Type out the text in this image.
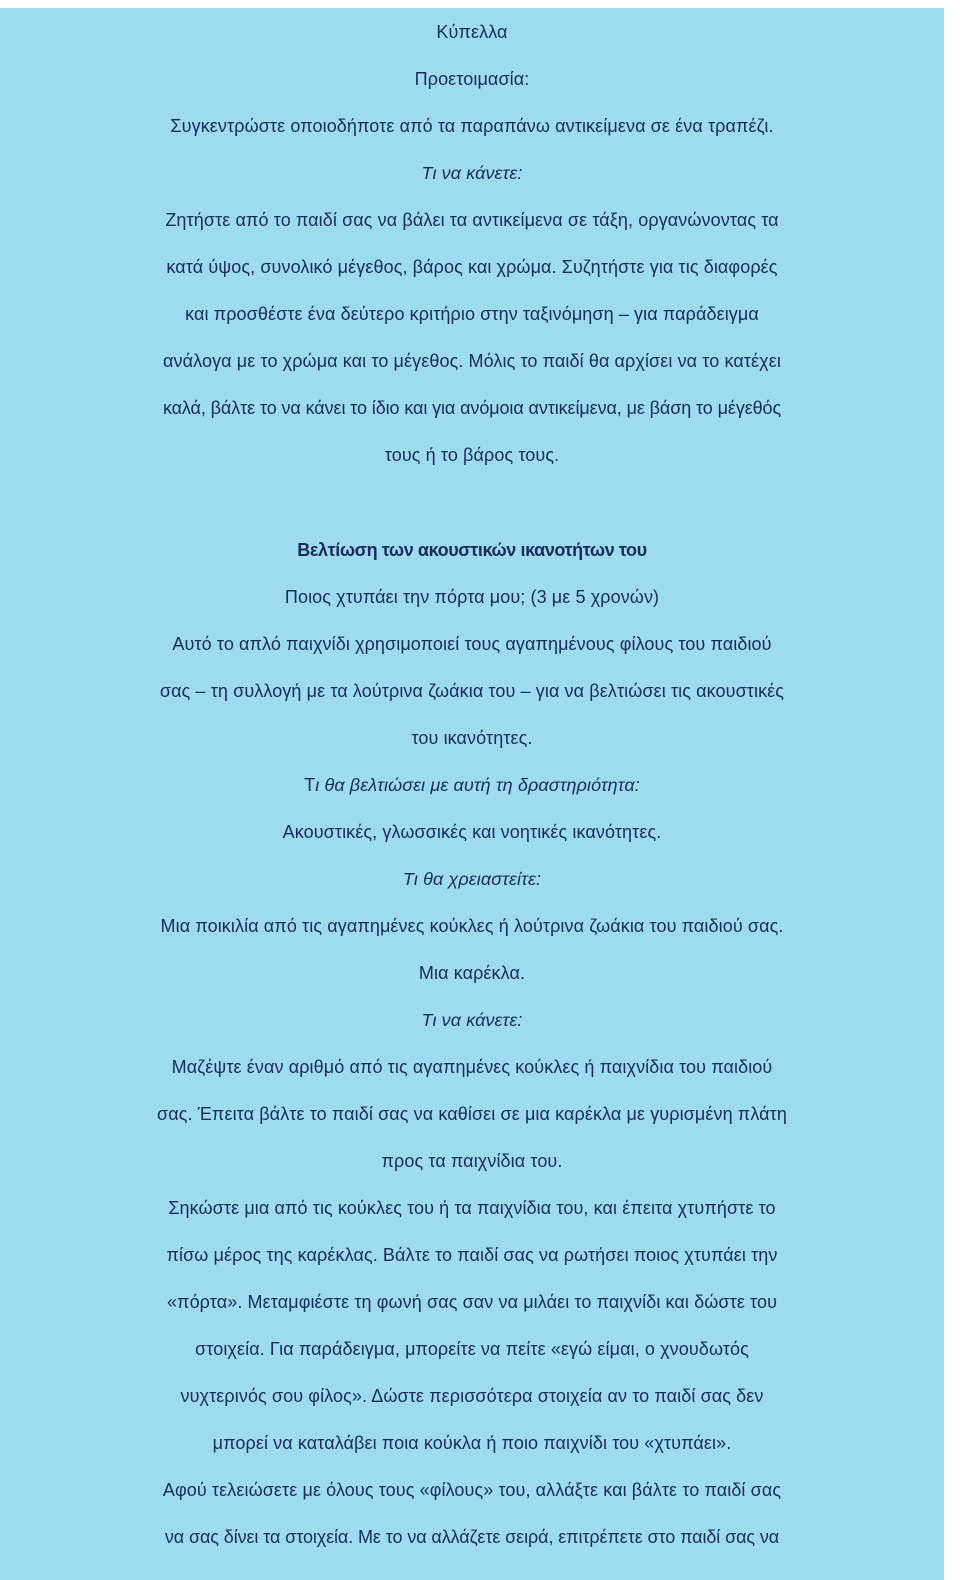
Κύπελλα
Προετοιμασία:
Συγκεντρώστε οποιοδήποτε από τα παραπάνω αντικείμενα σε ένα τραπέζι.
Τι να κάνετε:
Ζητήστε από το παιδί σας να βάλει τα αντικείμενα σε τάξη, οργανώνοντας τα
κατά ύψος, συνολικό μέγεθος, βάρος και χρώμα. Συζητήστε για τις διαφορές
και προσθέστε ένα δεύτερο κριτήριο στην ταξινόμηση – για παράδειγμα
ανάλογα με το χρώμα και το μέγεθος. Μόλις το παιδί θα αρχίσει να το κατέχει
καλά, βάλτε το να κάνει το ίδιο και για ανόμοια αντικείμενα, με βάση το μέγεθός
τους ή το βάρος τους.
Βελτίωση των ακουστικών ικανοτήτων του
Ποιος χτυπάει την πόρτα μου; (3 με 5 χρονών)
Αυτό το απλό παιχνίδι χρησιμοποιεί τους αγαπημένους φίλους του παιδιού
σας – τη συλλογή με τα λούτρινα ζωάκια του – για να βελτιώσει τις ακουστικές
του ικανότητες.
Τι θα βελτιώσει με αυτή τη δραστηριότητα:
Ακουστικές, γλωσσικές και νοητικές ικανότητες.
Τι θα χρειαστείτε:
Μια ποικιλία από τις αγαπημένες κούκλες ή λούτρινα ζωάκια του παιδιού σας.
Μια καρέκλα.
Τι να κάνετε:
Μαζέψτε έναν αριθμό από τις αγαπημένες κούκλες ή παιχνίδια του παιδιού
σας. Έπειτα βάλτε το παιδί σας να καθίσει σε μια καρέκλα με γυρισμένη πλάτη
προς τα παιχνίδια του.
Σηκώστε μια από τις κούκλες του ή τα παιχνίδια του, και έπειτα χτυπήστε το
πίσω μέρος της καρέκλας. Βάλτε το παιδί σας να ρωτήσει ποιος χτυπάει την
«πόρτα». Μεταμφιέστε τη φωνή σας σαν να μιλάει το παιχνίδι και δώστε του
στοιχεία. Για παράδειγμα, μπορείτε να πείτε «εγώ είμαι, ο χνουδωτός
νυχτερινός σου φίλος». Δώστε περισσότερα στοιχεία αν το παιδί σας δεν
μπορεί να καταλάβει ποια κούκλα ή ποιο παιχνίδι του «χτυπάει».
Αφού τελειώσετε με όλους τους «φίλους» του, αλλάξτε και βάλτε το παιδί σας
να σας δίνει τα στοιχεία. Με το να αλλάζετε σειρά, επιτρέπετε στο παιδί σας να
